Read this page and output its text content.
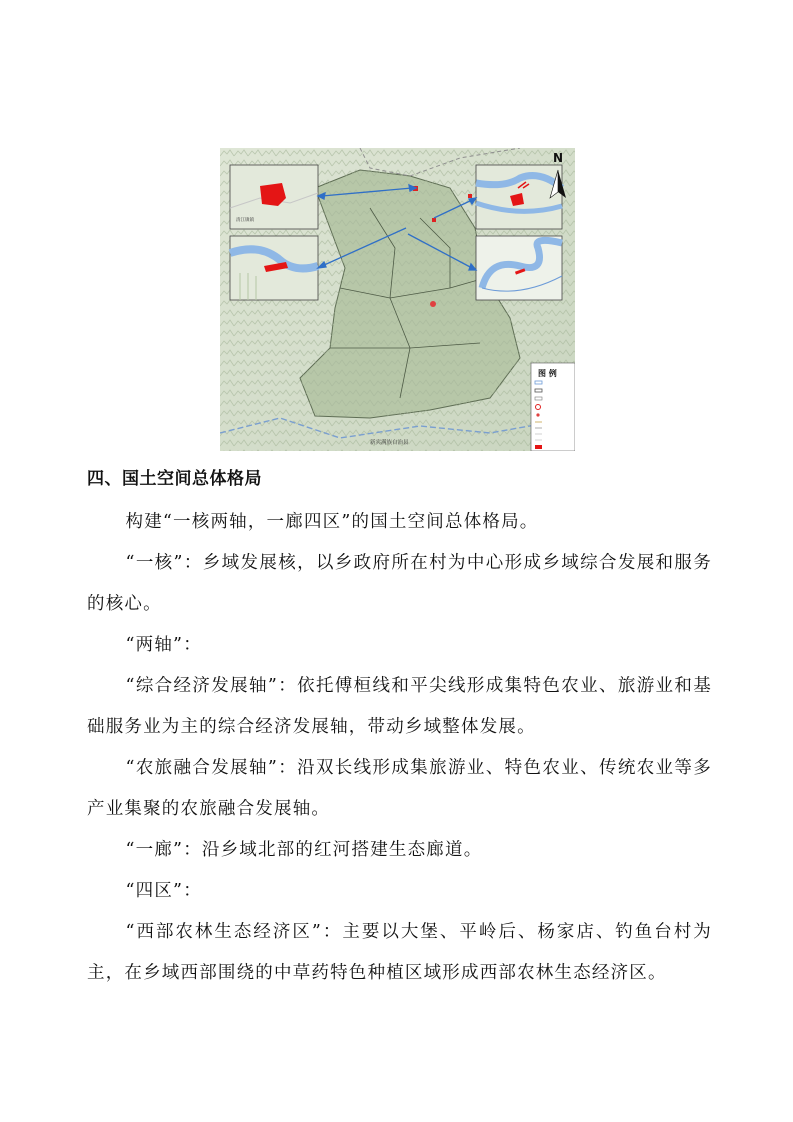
清江镇镇
N
图 例
新宾满族自治县
四、国土空间总体格局

构建“一核两轴，一廊四区”的国土空间总体格局。

“一核”：乡域发展核，以乡政府所在村为中心形成乡域综合发展和服务的核心。

“两轴”：

“综合经济发展轴”：依托傅桓线和平尖线形成集特色农业、旅游业和基础服务业为主的综合经济发展轴，带动乡域整体发展。

“农旅融合发展轴”：沿双长线形成集旅游业、特色农业、传统农业等多产业集聚的农旅融合发展轴。

“一廊”：沿乡域北部的红河搭建生态廊道。

“四区”：

“西部农林生态经济区”：主要以大堡、平岭后、杨家店、钓鱼台村为主，在乡域西部围绕的中草药特色种植区域形成西部农林生态经济区。
